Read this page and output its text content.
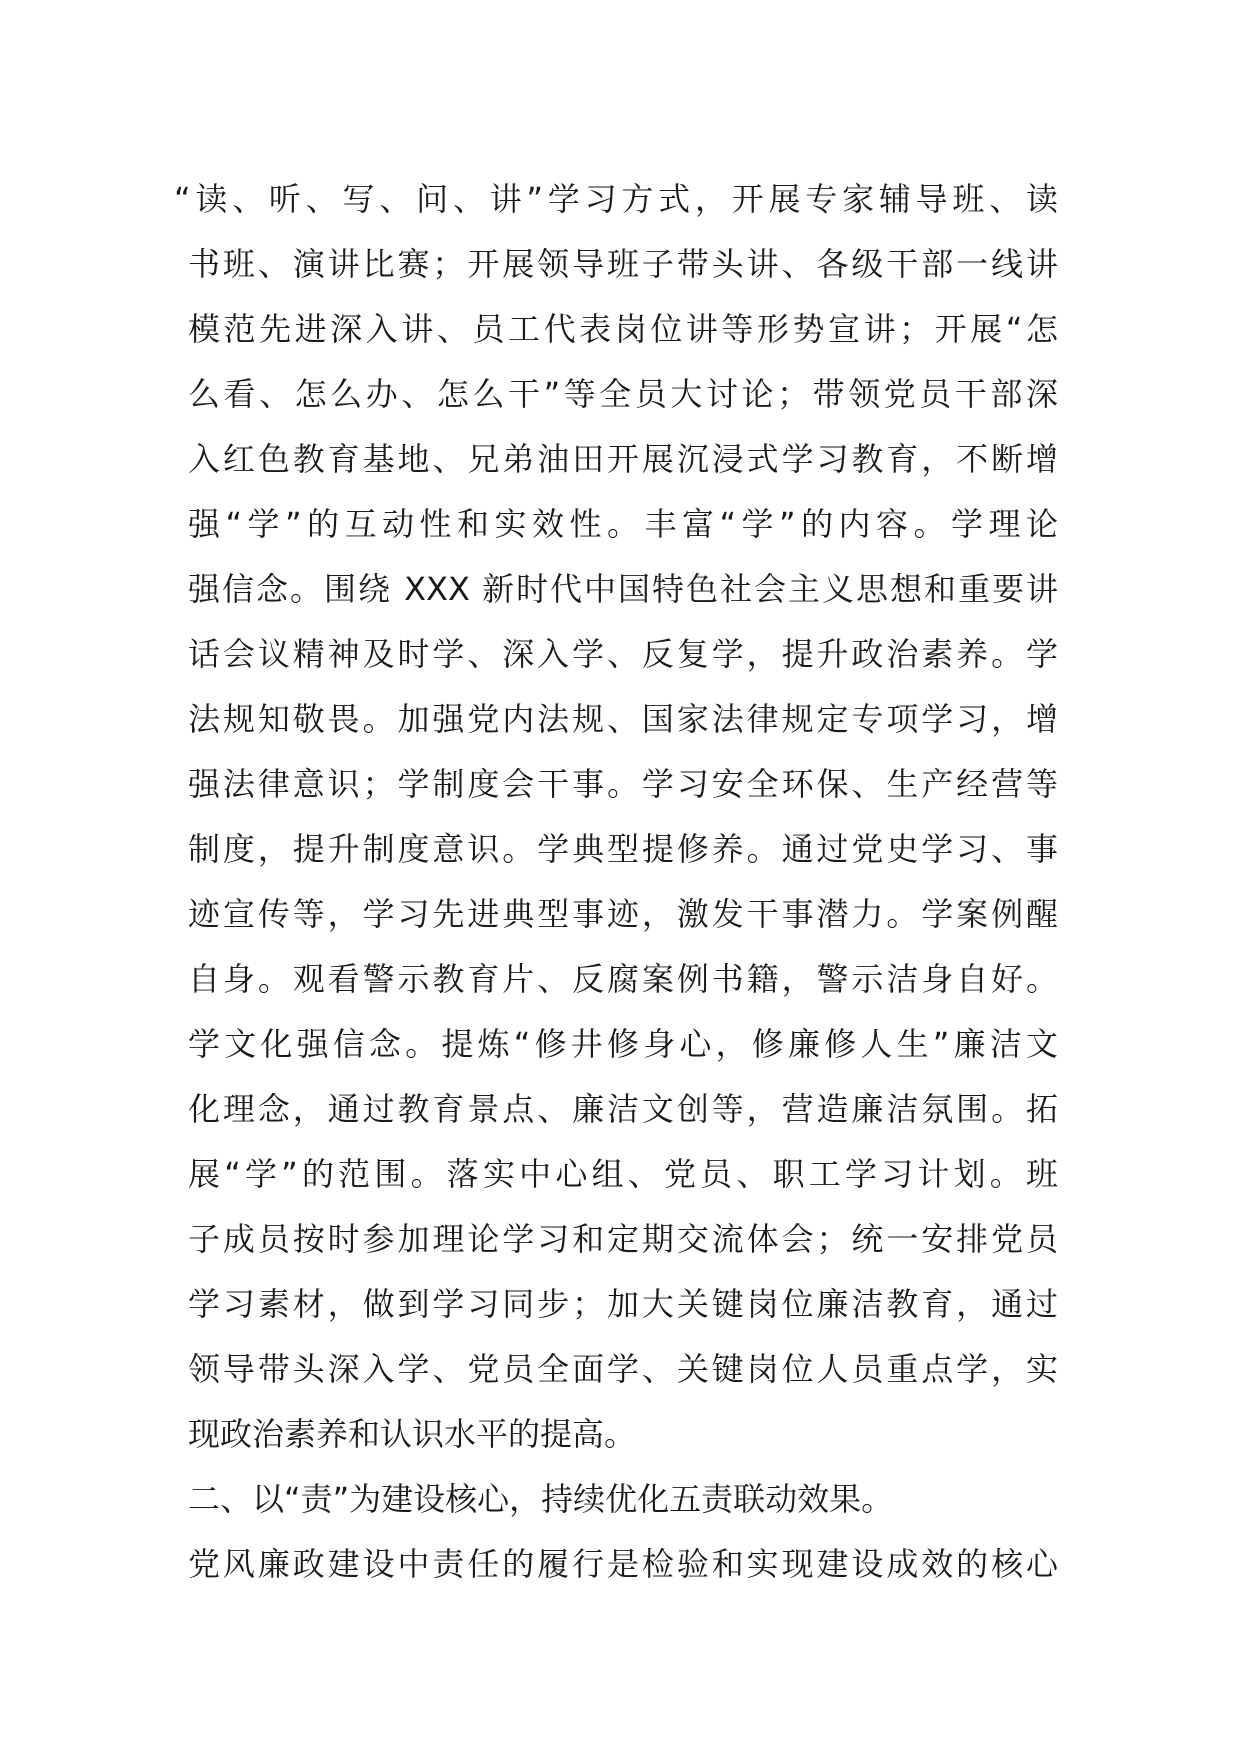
“读、听、写、问、讲”学习方式，开展专家辅导班、读
书班、演讲比赛；开展领导班子带头讲、各级干部一线讲
模范先进深入讲、员工代表岗位讲等形势宣讲；开展“怎
么看、怎么办、怎么干”等全员大讨论；带领党员干部深
入红色教育基地、兄弟油田开展沉浸式学习教育，不断增
强“学”的互动性和实效性。丰富“学”的内容。学理论
强信念。围绕 XXX 新时代中国特色社会主义思想和重要讲
话会议精神及时学、深入学、反复学，提升政治素养。学
法规知敬畏。加强党内法规、国家法律规定专项学习，增
强法律意识；学制度会干事。学习安全环保、生产经营等
制度，提升制度意识。学典型提修养。通过党史学习、事
迹宣传等，学习先进典型事迹，激发干事潜力。学案例醒
自身。观看警示教育片、反腐案例书籍，警示洁身自好。
学文化强信念。提炼“修井修身心，修廉修人生”廉洁文
化理念，通过教育景点、廉洁文创等，营造廉洁氛围。拓
展“学”的范围。落实中心组、党员、职工学习计划。班
子成员按时参加理论学习和定期交流体会；统一安排党员
学习素材，做到学习同步；加大关键岗位廉洁教育，通过
领导带头深入学、党员全面学、关键岗位人员重点学，实
现政治素养和认识水平的提高。
二、以“责”为建设核心，持续优化五责联动效果。
党风廉政建设中责任的履行是检验和实现建设成效的核心
